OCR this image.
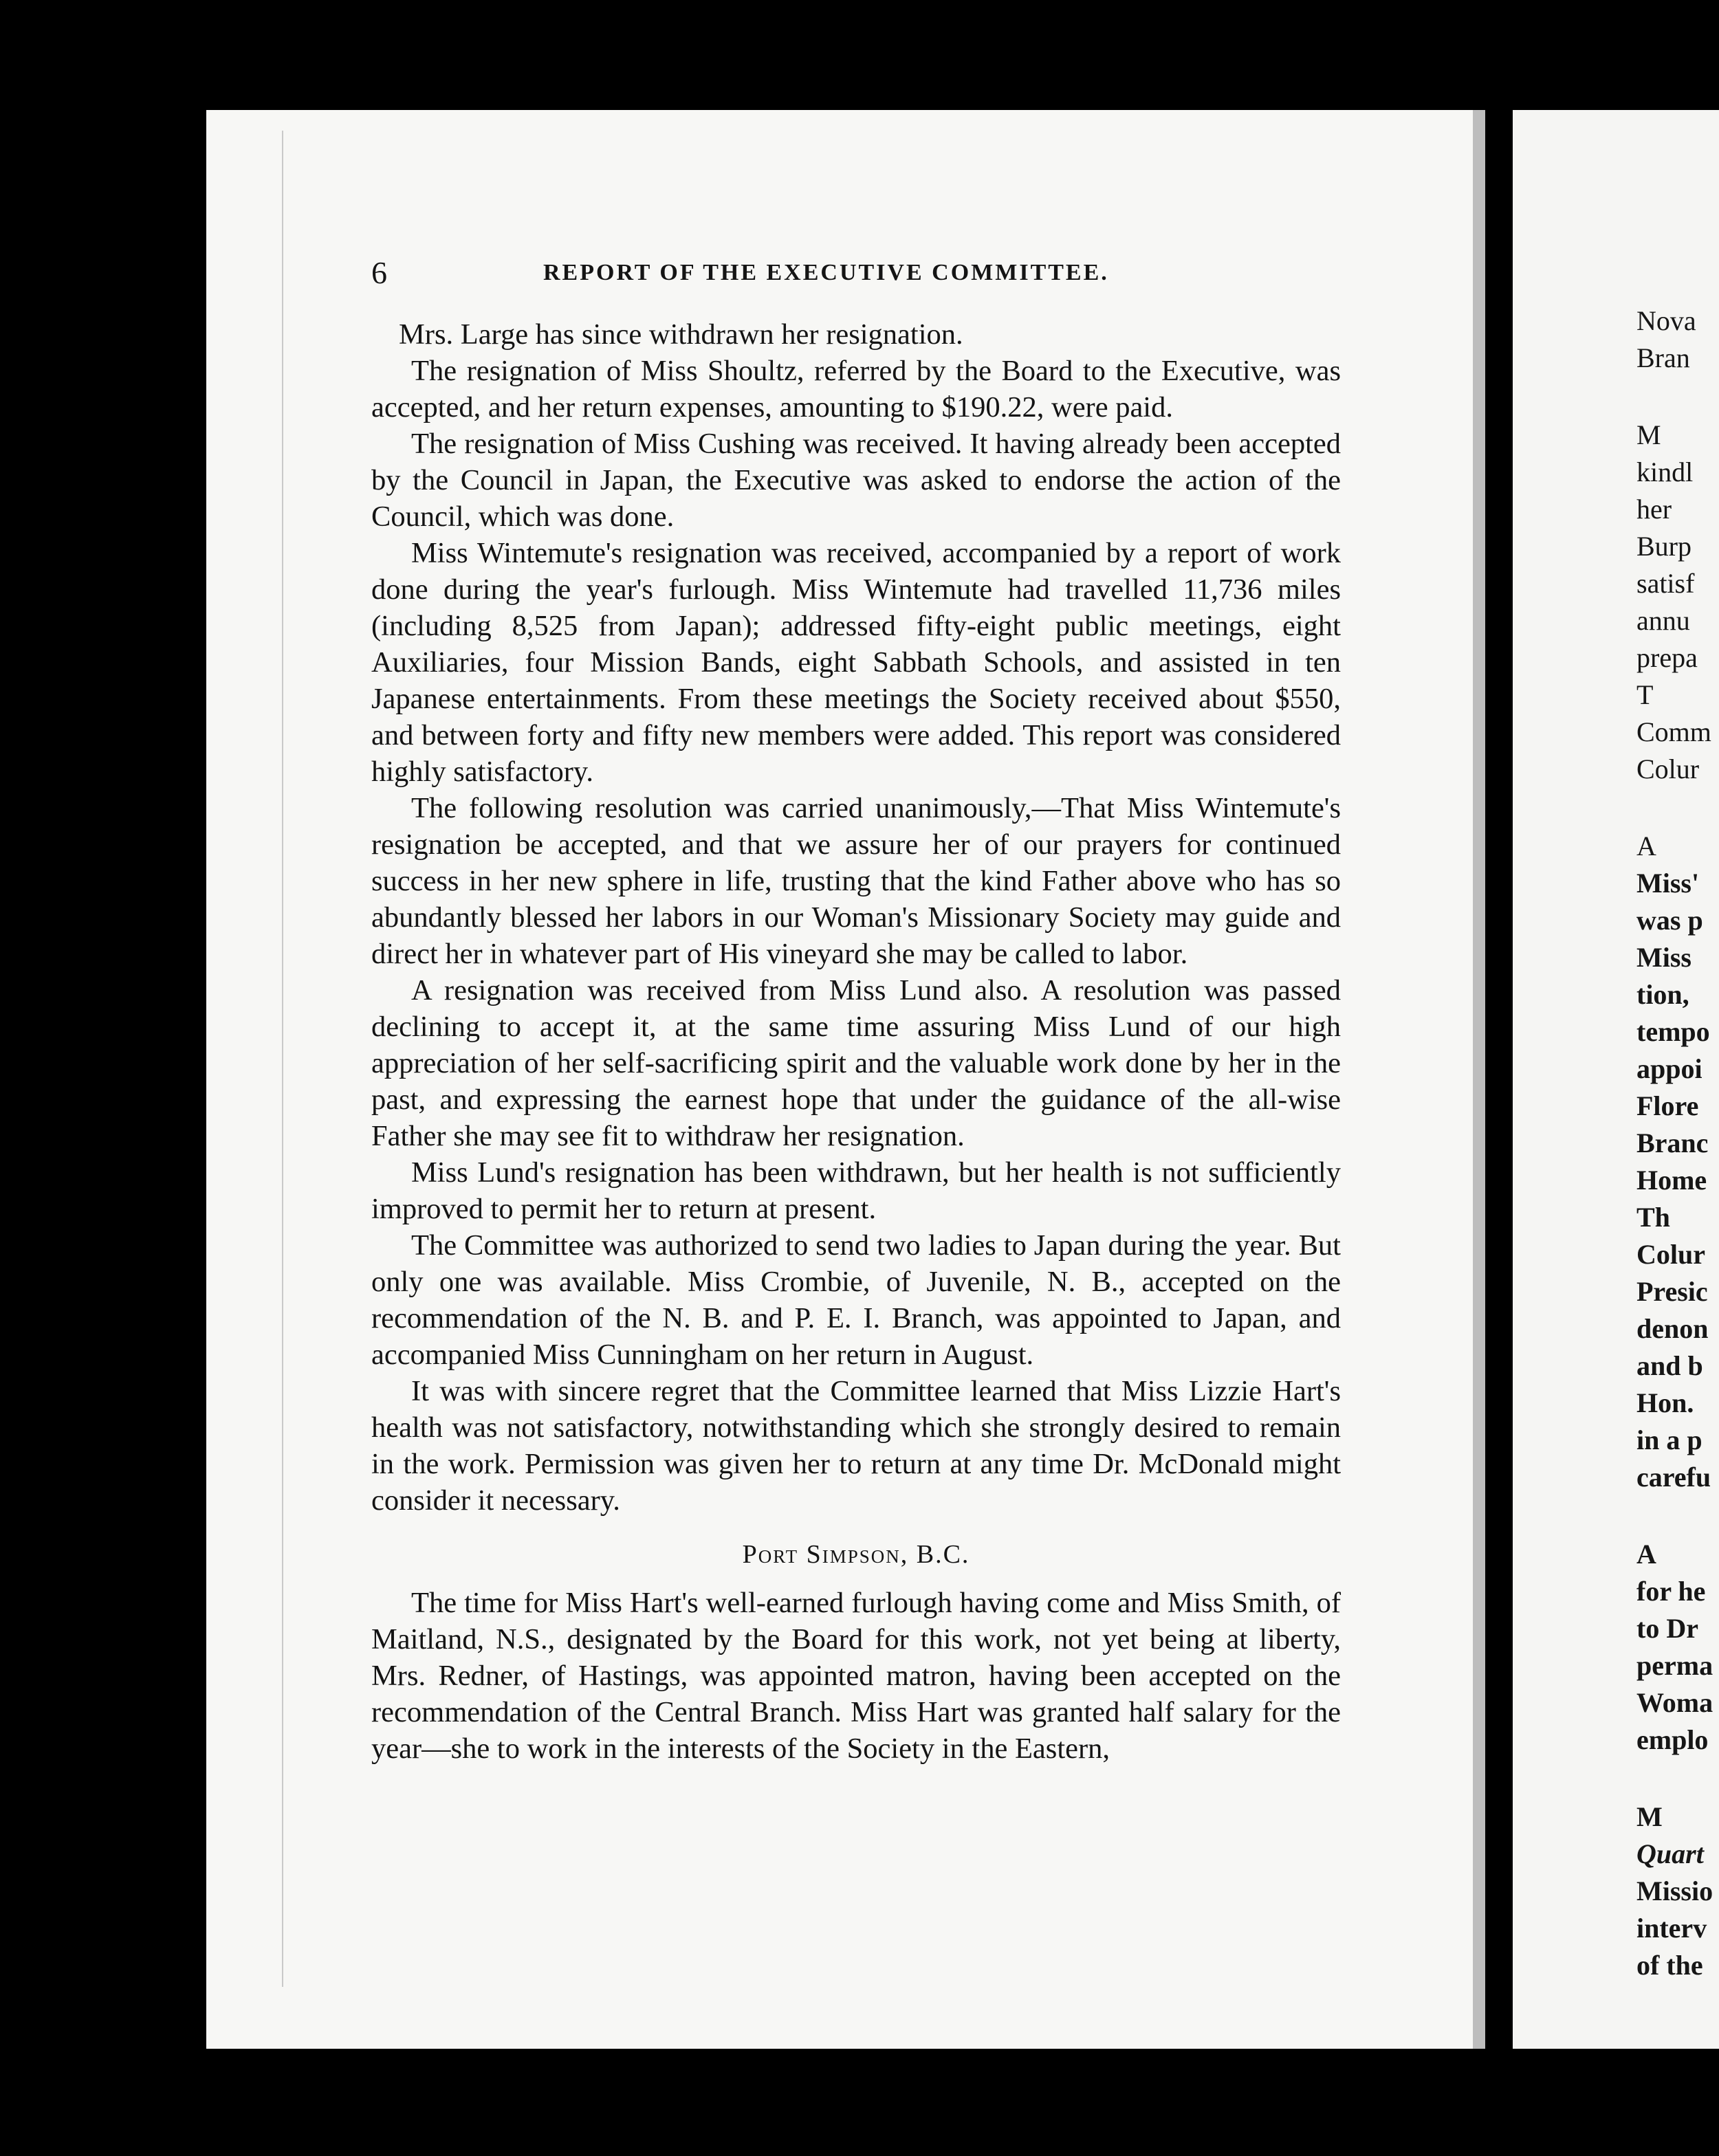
6	REPORT OF THE EXECUTIVE COMMITTEE.

Mrs. Large has since withdrawn her resignation.

The resignation of Miss Shoultz, referred by the Board to the Executive, was accepted, and her return expenses, amounting to $190.22, were paid.

The resignation of Miss Cushing was received. It having already been accepted by the Council in Japan, the Executive was asked to endorse the action of the Council, which was done.

Miss Wintemute's resignation was received, accompanied by a report of work done during the year's furlough. Miss Wintemute had travelled 11,736 miles (including 8,525 from Japan); addressed fifty-eight public meetings, eight Auxiliaries, four Mission Bands, eight Sabbath Schools, and assisted in ten Japanese entertainments. From these meetings the Society received about $550, and between forty and fifty new members were added. This report was considered highly satisfactory.

The following resolution was carried unanimously,—That Miss Wintemute's resignation be accepted, and that we assure her of our prayers for continued success in her new sphere in life, trusting that the kind Father above who has so abundantly blessed her labors in our Woman's Missionary Society may guide and direct her in whatever part of His vineyard she may be called to labor.

A resignation was received from Miss Lund also. A resolution was passed declining to accept it, at the same time assuring Miss Lund of our high appreciation of her self-sacrificing spirit and the valuable work done by her in the past, and expressing the earnest hope that under the guidance of the all-wise Father she may see fit to withdraw her resignation.

Miss Lund's resignation has been withdrawn, but her health is not sufficiently improved to permit her to return at present.

The Committee was authorized to send two ladies to Japan during the year. But only one was available. Miss Crombie, of Juvenile, N. B., accepted on the recommendation of the N. B. and P. E. I. Branch, was appointed to Japan, and accompanied Miss Cunningham on her return in August.

It was with sincere regret that the Committee learned that Miss Lizzie Hart's health was not satisfactory, notwithstanding which she strongly desired to remain in the work. Permission was given her to return at any time Dr. McDonald might consider it necessary.

Port Simpson, B.C.

The time for Miss Hart's well-earned furlough having come and Miss Smith, of Maitland, N.S., designated by the Board for this work, not yet being at liberty, Mrs. Redner, of Hastings, was appointed matron, having been accepted on the recommendation of the Central Branch. Miss Hart was granted half salary for the year—she to work in the interests of the Society in the Eastern,

Nova
Bran
M
kindl
her
Burp
satisf
annu
prepa
T
Comm
Colur
A
Miss'
was p
Miss
tion,
tempo
appoi
Flore
Branc
Home
Th
Colur
Presic
denon
and b
Hon.
in a p
carefu
A
for he
to Dr
perma
Woma
emplo
M
Quart
Missio
interv
of the
